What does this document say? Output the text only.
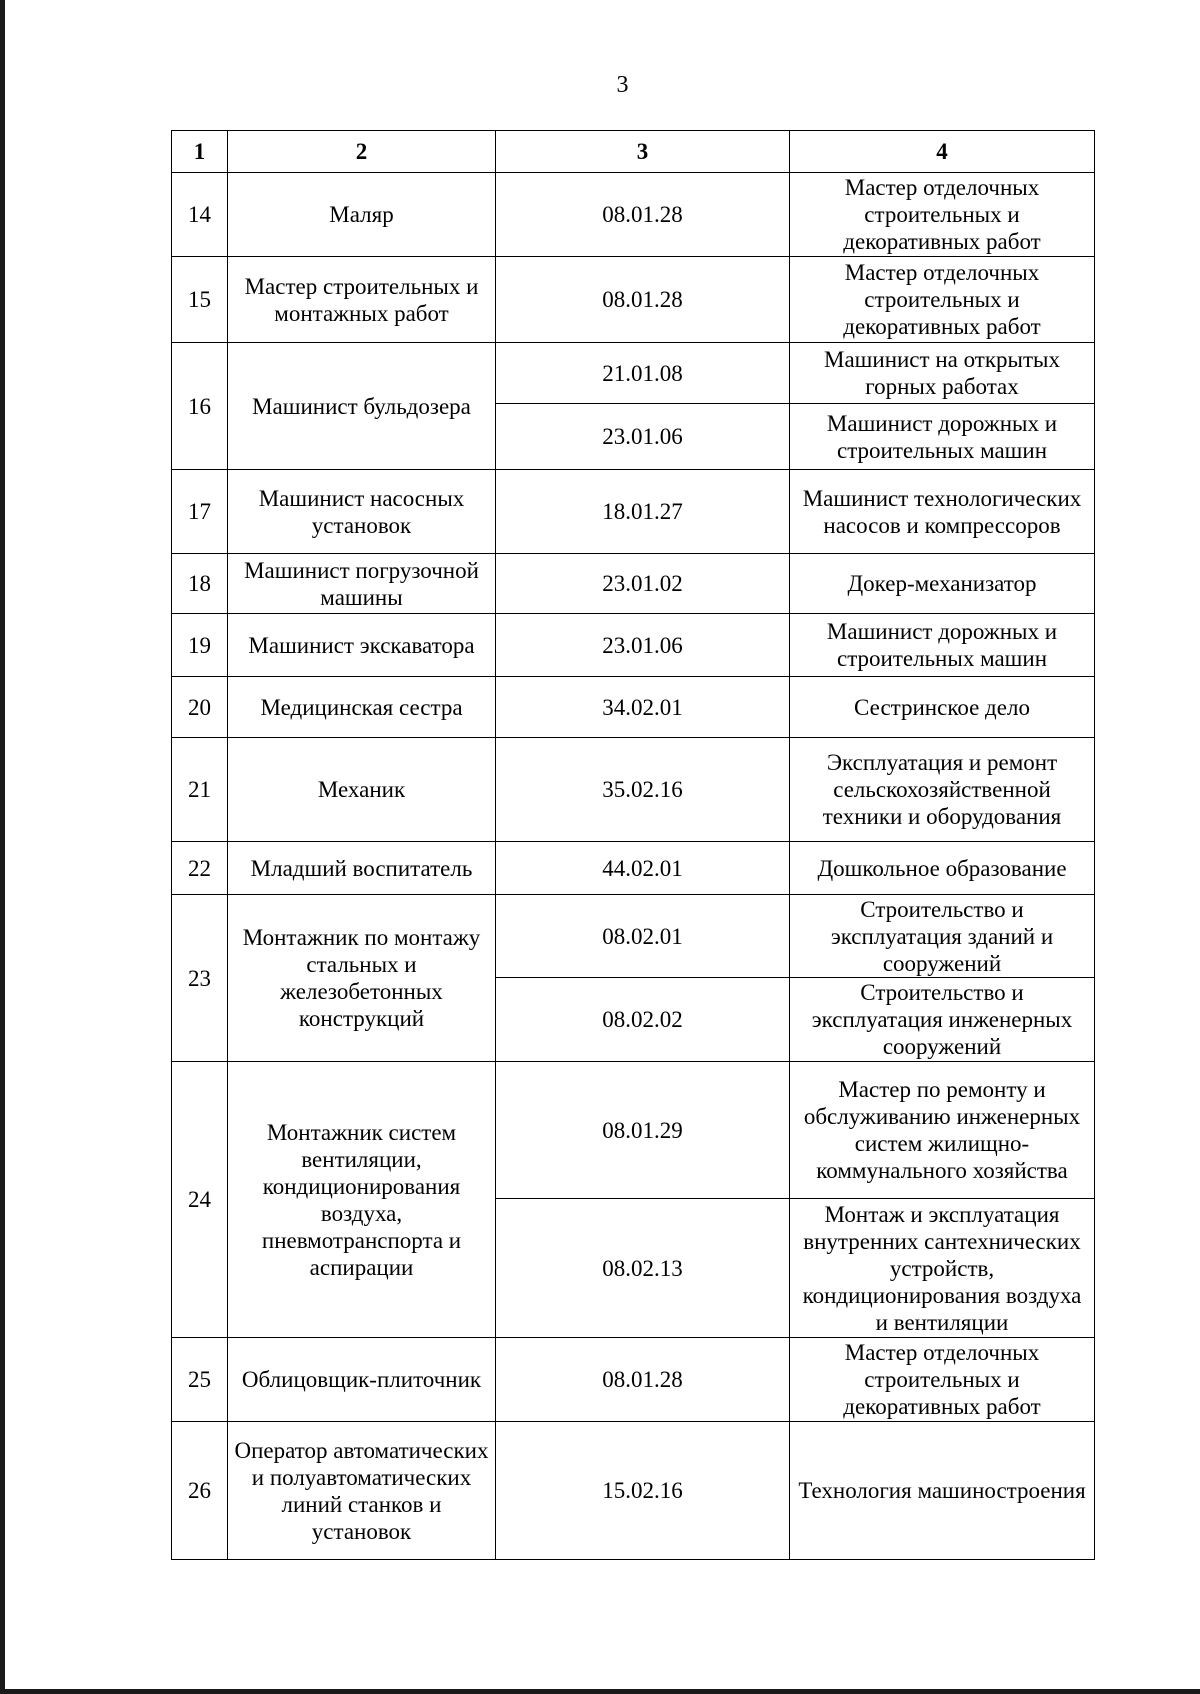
3
1	2	3	4
14	Маляр	08.01.28	Мастер отделочных строительных и декоративных работ
15	Мастер строительных и монтажных работ	08.01.28	Мастер отделочных строительных и декоративных работ
16	Машинист бульдозера	21.01.08	Машинист на открытых горных работах
		23.01.06	Машинист дорожных и строительных машин
17	Машинист насосных установок	18.01.27	Машинист технологических насосов и компрессоров
18	Машинист погрузочной машины	23.01.02	Докер-механизатор
19	Машинист экскаватора	23.01.06	Машинист дорожных и строительных машин
20	Медицинская сестра	34.02.01	Сестринское дело
21	Механик	35.02.16	Эксплуатация и ремонт сельскохозяйственной техники и оборудования
22	Младший воспитатель	44.02.01	Дошкольное образование
23	Монтажник по монтажу стальных и железобетонных конструкций	08.02.01	Строительство и эксплуатация зданий и сооружений
		08.02.02	Строительство и эксплуатация инженерных сооружений
24	Монтажник систем вентиляции, кондиционирования воздуха, пневмотранспорта и аспирации	08.01.29	Мастер по ремонту и обслуживанию инженерных систем жилищно-коммунального хозяйства
		08.02.13	Монтаж и эксплуатация внутренних сантехнических устройств, кондиционирования воздуха и вентиляции
25	Облицовщик-плиточник	08.01.28	Мастер отделочных строительных и декоративных работ
26	Оператор автоматических и полуавтоматических линий станков и установок	15.02.16	Технология машиностроения
